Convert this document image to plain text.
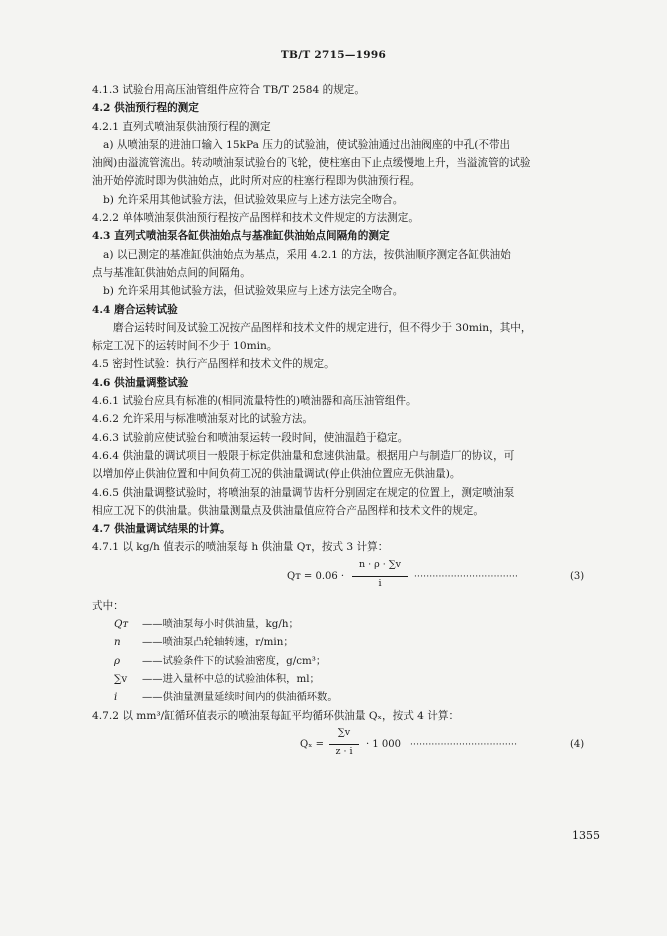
TB/T 2715—1996
4.1.3 试验台用高压油管组件应符合 TB/T 2584 的规定。
4.2 供油预行程的测定
4.2.1 直列式喷油泵供油预行程的测定
a) 从喷油泵的进油口输入 15kPa 压力的试验油，使试验油通过出油阀座的中孔(不带出
油阀)由溢流管流出。转动喷油泵试验台的飞轮，使柱塞由下止点缓慢地上升，当溢流管的试验
油开始停流时即为供油始点，此时所对应的柱塞行程即为供油预行程。
b) 允许采用其他试验方法，但试验效果应与上述方法完全吻合。
4.2.2 单体喷油泵供油预行程按产品图样和技术文件规定的方法测定。
4.3 直列式喷油泵各缸供油始点与基准缸供油始点间隔角的测定
a) 以已测定的基准缸供油始点为基点，采用 4.2.1 的方法，按供油顺序测定各缸供油始
点与基准缸供油始点间的间隔角。
b) 允许采用其他试验方法，但试验效果应与上述方法完全吻合。
4.4 磨合运转试验
磨合运转时间及试验工况按产品图样和技术文件的规定进行，但不得少于 30min，其中，
标定工况下的运转时间不少于 10min。
4.5 密封性试验：执行产品图样和技术文件的规定。
4.6 供油量调整试验
4.6.1 试验台应具有标准的(相同流量特性的)喷油器和高压油管组件。
4.6.2 允许采用与标准喷油泵对比的试验方法。
4.6.3 试验前应使试验台和喷油泵运转一段时间，使油温趋于稳定。
4.6.4 供油量的调试项目一般限于标定供油量和怠速供油量。根据用户与制造厂的协议，可
以增加停止供油位置和中间负荷工况的供油量调试(停止供油位置应无供油量)。
4.6.5 供油量调整试验时，将喷油泵的油量调节齿杆分别固定在规定的位置上，测定喷油泵
相应工况下的供油量。供油量测量点及供油量值应符合产品图样和技术文件的规定。
4.7 供油量调试结果的计算。
4.7.1 以 kg/h 值表示的喷油泵每 h 供油量 Qᴛ，按式 3 计算：
Qᴛ = 0.06 ·
n · ρ · ∑v
i
··································	(3)
式中：
Qᴛ ——喷油泵每小时供油量，kg/h；
n ——喷油泵凸轮轴转速，r/min；
ρ ——试验条件下的试验油密度，g/cm³；
∑v ——进入量杯中总的试验油体积，ml；
i ——供油量测量延续时间内的供油循环数。
4.7.2 以 mm³/缸循环值表示的喷油泵每缸平均循环供油量 Qₓ，按式 4 计算：
Qₓ =
∑v
z · i
· 1 000 ···································	(4)
1355
